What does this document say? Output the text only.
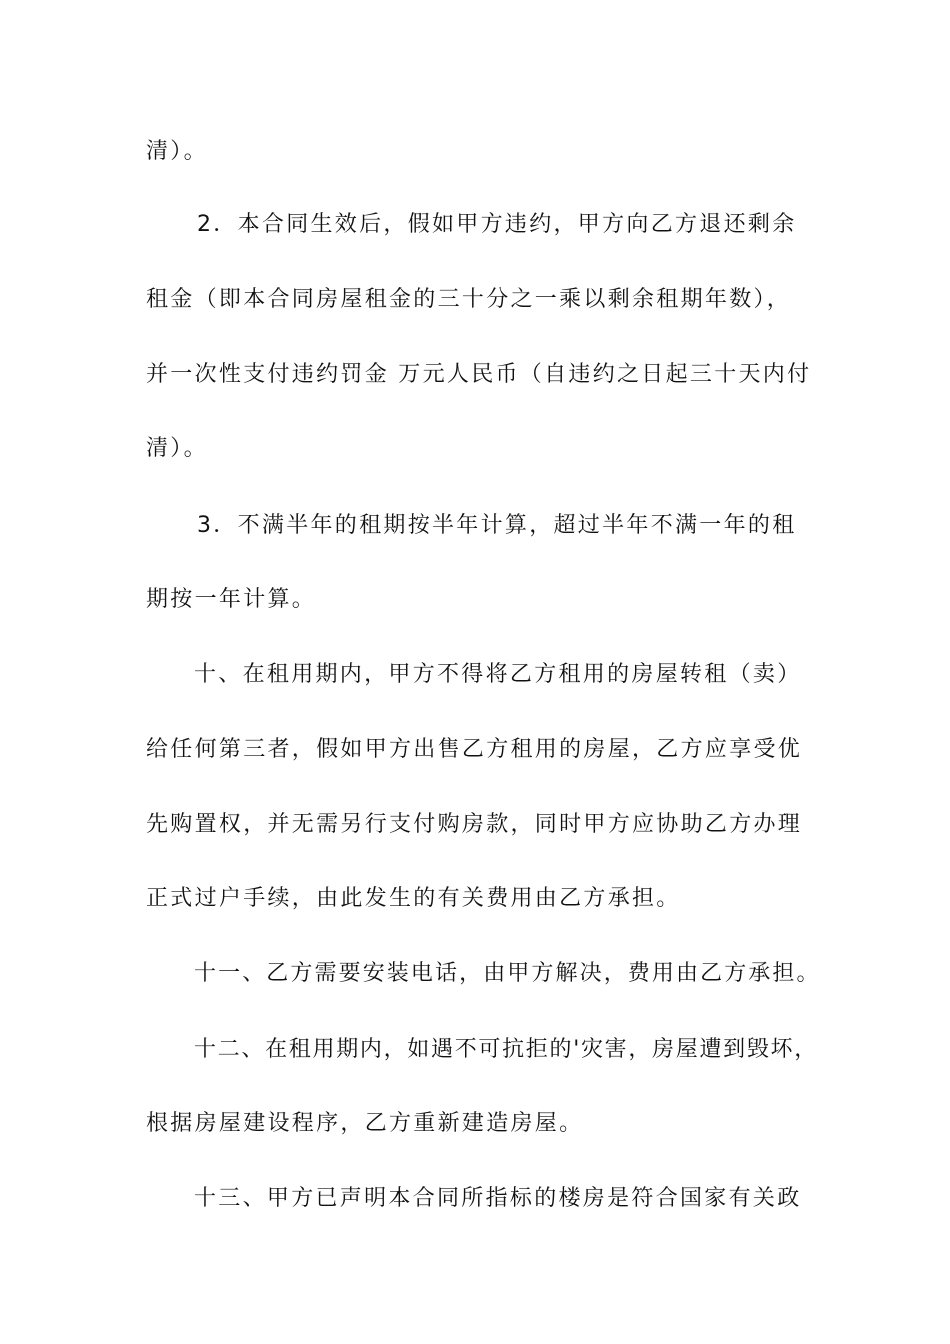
清）。

2．本合同生效后，假如甲方违约，甲方向乙方退还剩余

租金（即本合同房屋租金的三十分之一乘以剩余租期年数），

并一次性支付违约罚金 万元人民币（自违约之日起三十天内付

清）。

3．不满半年的租期按半年计算，超过半年不满一年的租

期按一年计算。

十、在租用期内，甲方不得将乙方租用的房屋转租（卖）

给任何第三者，假如甲方出售乙方租用的房屋，乙方应享受优

先购置权，并无需另行支付购房款，同时甲方应协助乙方办理

正式过户手续，由此发生的有关费用由乙方承担。

十一、乙方需要安装电话，由甲方解决，费用由乙方承担。

十二、在租用期内，如遇不可抗拒的'灾害，房屋遭到毁坏，

根据房屋建设程序，乙方重新建造房屋。

十三、甲方已声明本合同所指标的楼房是符合国家有关政
